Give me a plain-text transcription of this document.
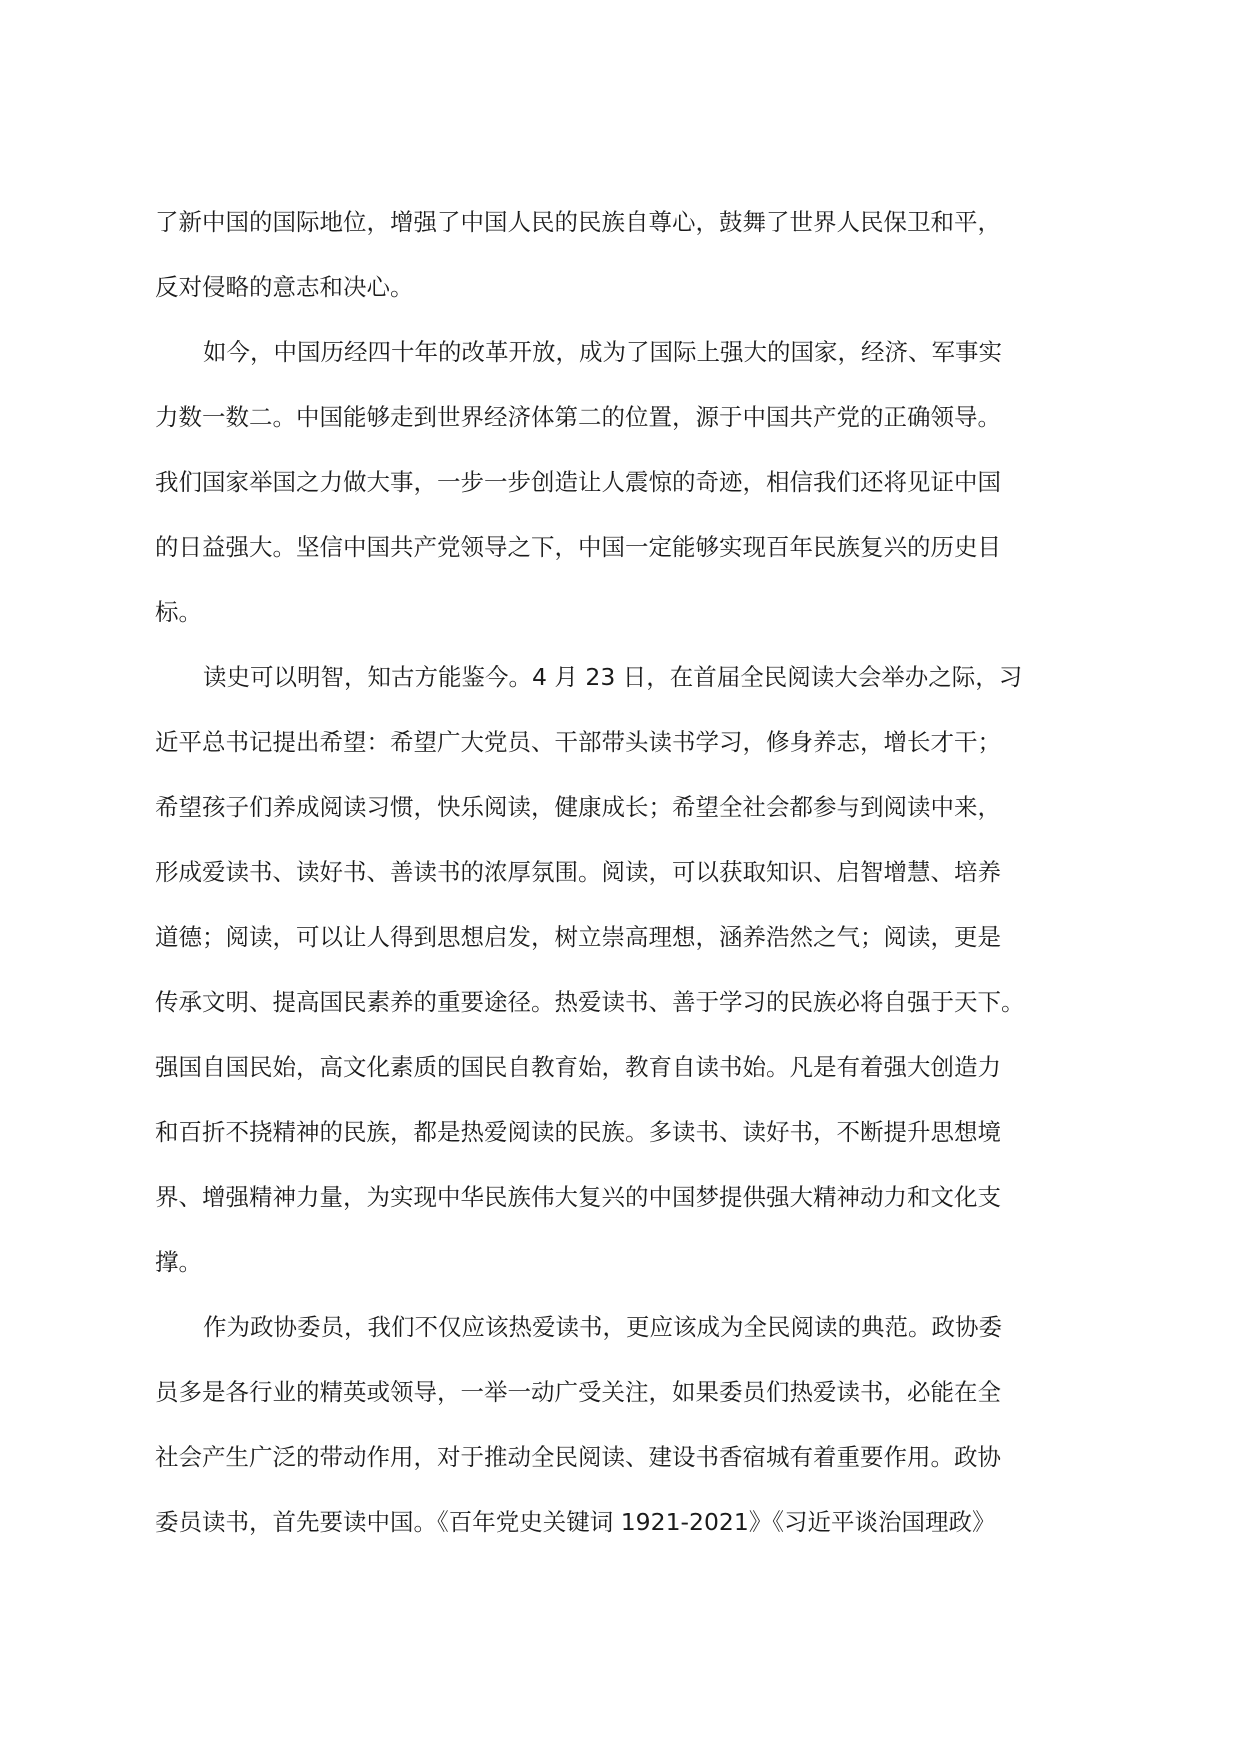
了新中国的国际地位，增强了中国人民的民族自尊心，鼓舞了世界人民保卫和平，
反对侵略的意志和决心。
如今，中国历经四十年的改革开放，成为了国际上强大的国家，经济、军事实
力数一数二。中国能够走到世界经济体第二的位置，源于中国共产党的正确领导。
我们国家举国之力做大事，一步一步创造让人震惊的奇迹，相信我们还将见证中国
的日益强大。坚信中国共产党领导之下，中国一定能够实现百年民族复兴的历史目
标。
读史可以明智，知古方能鉴今。4 月 23 日，在首届全民阅读大会举办之际，习
近平总书记提出希望：希望广大党员、干部带头读书学习，修身养志，增长才干；
希望孩子们养成阅读习惯，快乐阅读，健康成长；希望全社会都参与到阅读中来，
形成爱读书、读好书、善读书的浓厚氛围。阅读，可以获取知识、启智增慧、培养
道德；阅读，可以让人得到思想启发，树立崇高理想，涵养浩然之气；阅读，更是
传承文明、提高国民素养的重要途径。热爱读书、善于学习的民族必将自强于天下。
强国自国民始，高文化素质的国民自教育始，教育自读书始。凡是有着强大创造力
和百折不挠精神的民族，都是热爱阅读的民族。多读书、读好书，不断提升思想境
界、增强精神力量，为实现中华民族伟大复兴的中国梦提供强大精神动力和文化支
撑。
作为政协委员，我们不仅应该热爱读书，更应该成为全民阅读的典范。政协委
员多是各行业的精英或领导，一举一动广受关注，如果委员们热爱读书，必能在全
社会产生广泛的带动作用，对于推动全民阅读、建设书香宿城有着重要作用。政协
委员读书，首先要读中国。《百年党史关键词 1921-2021》《习近平谈治国理政》
